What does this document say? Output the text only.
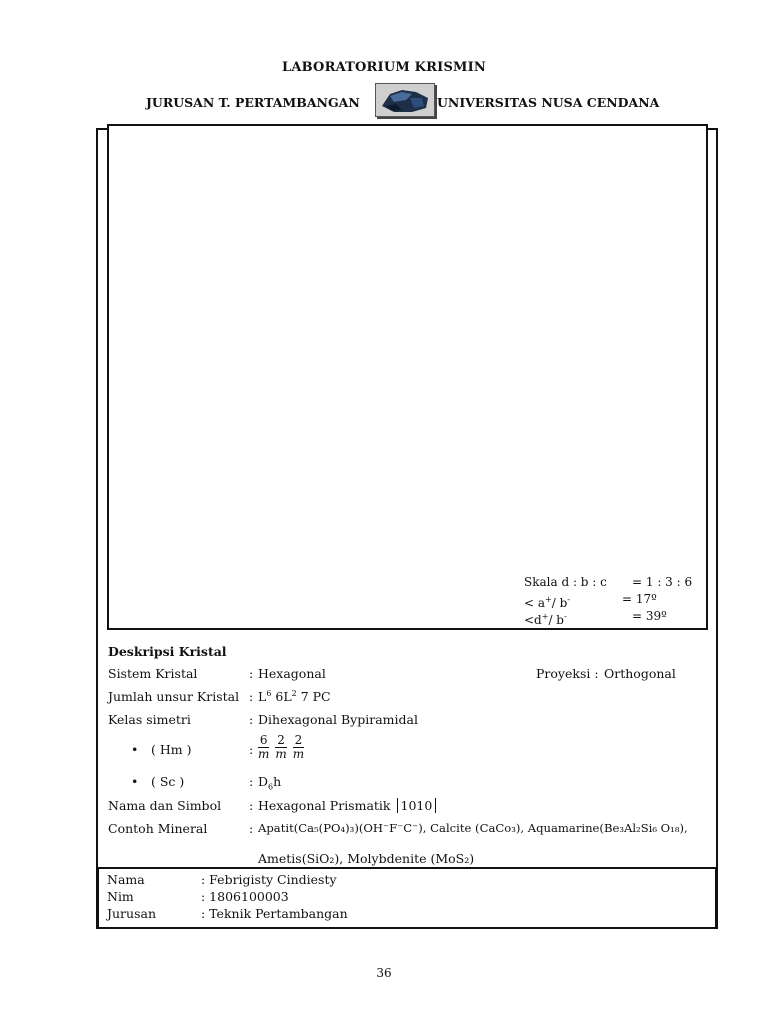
LABORATORIUM KRISMIN
JURUSAN T. PERTAMBANGAN	UNIVERSITAS NUSA CENDANA
Skala d : b : c = 1 : 3 : 6
< a+/ b-	= 17º
<d+/ b-	= 39º
Deskripsi Kristal
Sistem Kristal	: Hexagonal	Proyeksi : Orthogonal
Jumlah unsur Kristal : $L^6$ $6L^2$ 7 PC
Kelas simetri	: Dihexagonal Bypiramidal
• ( Hm )	: $\frac{6}{m} \frac{2}{m} \frac{2}{m}$
• ( Sc )	: $D_6h$
Nama dan Simbol : Hexagonal Prismatik 1010
Contoh Mineral	: Apatit(Ca₅(PO₄)₃)(OH⁻F⁻C⁻), Calcite (CaCo₃), Aquamarine(Be₃Al₂Si₆ O₁₈),
Ametis(SiO₂), Molybdenite (MoS₂)
Nama	: Febrigisty Cindiesty
Nim	: 1806100003
Jurusan	: Teknik Pertambangan
36
